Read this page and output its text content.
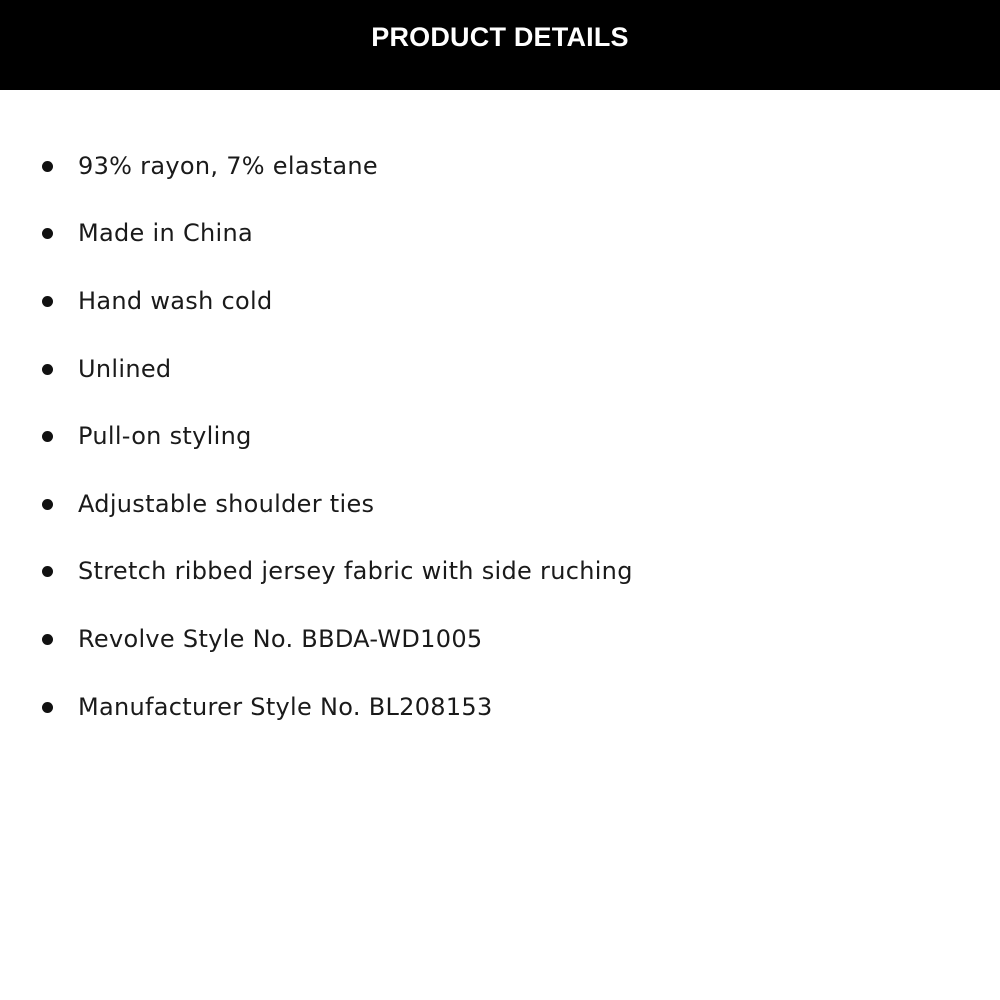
PRODUCT DETAILS
93% rayon, 7% elastane
Made in China
Hand wash cold
Unlined
Pull-on styling
Adjustable shoulder ties
Stretch ribbed jersey fabric with side ruching
Revolve Style No. BBDA-WD1005
Manufacturer Style No. BL208153
